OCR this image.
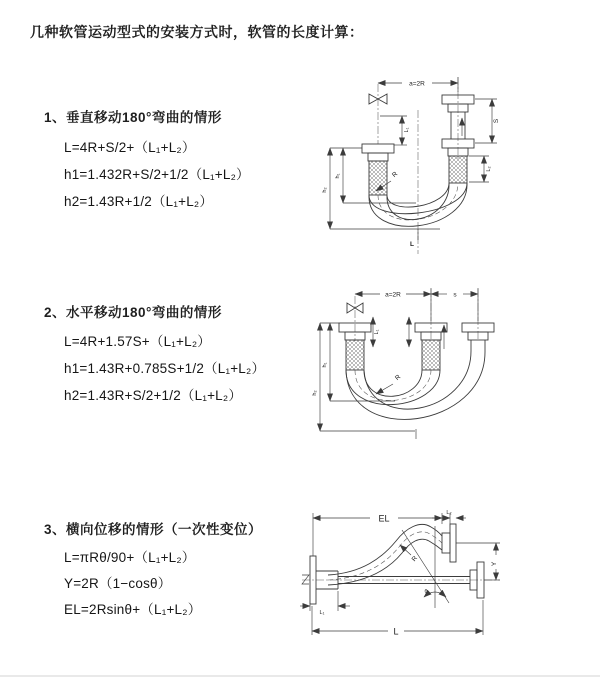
几种软管运动型式的安装方式时，软管的长度计算：
1、垂直移动180°弯曲的情形
L=4R+S/2+（L₁+L₂）
h1=1.432R+S/2+1/2（L₁+L₂）
h2=1.43R+1/2（L₁+L₂）
a=2R
h₁
h₂
L₁
S
L₂
R
L
2、水平移动180°弯曲的情形
L=4R+1.57S+（L₁+L₂）
h1=1.43R+0.785S+1/2（L₁+L₂）
h2=1.43R+S/2+1/2（L₁+L₂）
a=2R	s
h₁
h₂
L₁
R
3、横向位移的情形（一次性变位）
L=πRθ/90+（L₁+L₂）
Y=2R（1−cosθ）
EL=2Rsinθ+（L₁+L₂）
θ
EL
L₂
Y
L₁
L
R
